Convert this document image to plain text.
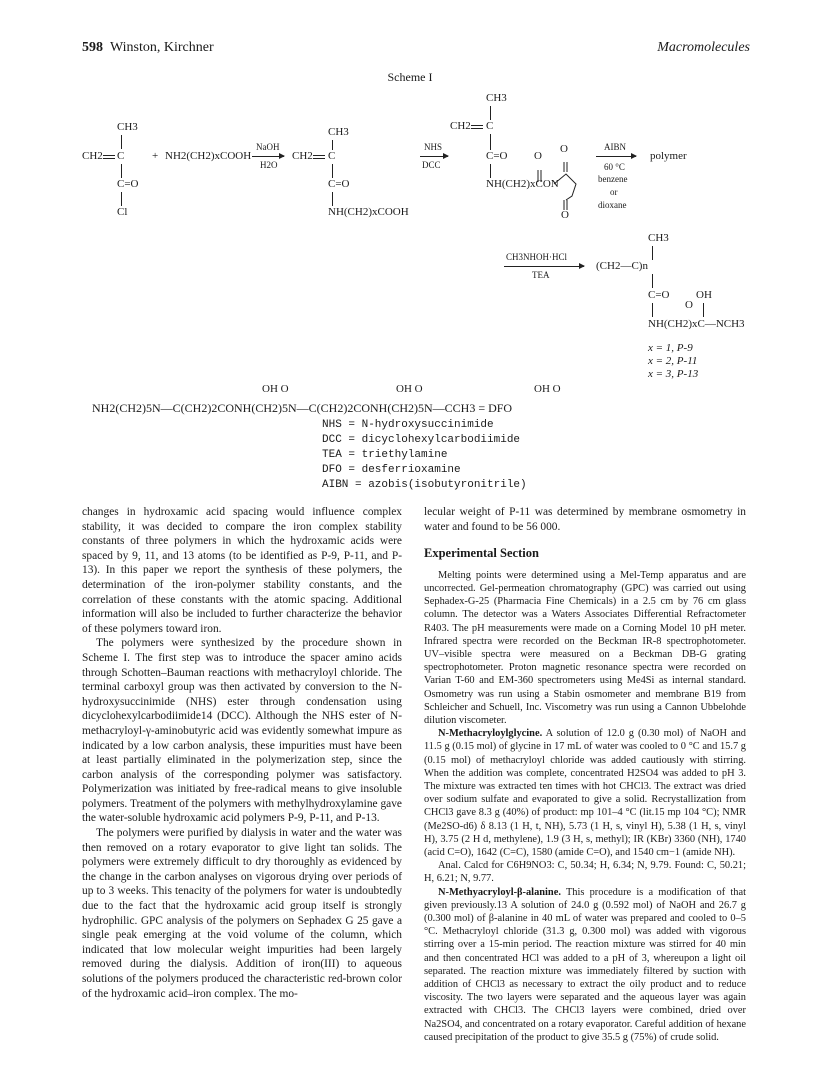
598 Winston, Kirchner	Macromolecules
Scheme I
CH3
CH2 C
C=O
Cl
+ NH2(CH2)xCOOH
NaOH
H2O
CH3
CH2 C
C=O
NH(CH2)xCOOH
NHS
DCC
CH3
CH2 C
C=O
NH(CH2)xCON
O
O
O
AIBN
polymer
60 °C
benzene
or
dioxane
CH3NHOH·HCl
TEA
CH3
(CH2—C)n
C=O OH
O
NH(CH2)xC—NCH3
x = 1, P-9
x = 2, P-11
x = 3, P-13
OH O	OH O	OH O
NH2(CH2)5N—C(CH2)2CONH(CH2)5N—C(CH2)2CONH(CH2)5N—CCH3 = DFO
NHS = N-hydroxysuccinimide
DCC = dicyclohexylcarbodiimide
TEA = triethylamine
DFO = desferrioxamine
AIBN = azobis(isobutyronitrile)

changes in hydroxamic acid spacing would influence complex stability, it was decided to compare the iron complex stability constants of three polymers in which the hydroxamic acids were spaced by 9, 11, and 13 atoms (to be identified as P-9, P-11, and P-13). In this paper we report the synthesis of these polymers, the determination of the iron-polymer stability constants, and the correlation of these constants with the atomic spacing. Additional information will also be included to further characterize the behavior of these polymers toward iron.

The polymers were synthesized by the procedure shown in Scheme I. The first step was to introduce the spacer amino acids through Schotten–Bauman reactions with methacryloyl chloride. The terminal carboxyl group was then activated by conversion to the N-hydroxysuccinimide (NHS) ester through condensation using dicyclohexylcarbodiimide14 (DCC). Although the NHS ester of N-methacryloyl-γ-aminobutyric acid was evidently somewhat impure as indicated by a low carbon analysis, these impurities must have been at least partially eliminated in the polymerization step, since the carbon analysis of the corresponding polymer was satisfactory. Polymerization was initiated by free-radical means to give insoluble polymers. Treatment of the polymers with methylhydroxylamine gave the water-soluble hydroxamic acid polymers P-9, P-11, and P-13.

The polymers were purified by dialysis in water and the water was then removed on a rotary evaporator to give light tan solids. The polymers were extremely difficult to dry thoroughly as evidenced by the change in the carbon analyses on vigorous drying over periods of up to 3 weeks. This tenacity of the polymers for water is undoubtedly due to the fact that the hydroxamic acid group itself is strongly hydrophilic. GPC analysis of the polymers on Sephadex G 25 gave a single peak emerging at the void volume of the column, which indicated that low molecular weight impurities had been largely removed during the dialysis. Addition of iron(III) to aqueous solutions of the polymers produced the characteristic red-brown color of the hydroxamic acid–iron complex. The mo-

lecular weight of P-11 was determined by membrane osmometry in water and found to be 56 000.

Experimental Section

Melting points were determined using a Mel-Temp apparatus and are uncorrected. Gel-permeation chromatography (GPC) was carried out using Sephadex-G-25 (Pharmacia Fine Chemicals) in a 2.5 cm by 76 cm glass column. The detector was a Waters Associates Differential Refractometer R403. The pH measurements were made on a Corning Model 10 pH meter. Infrared spectra were recorded on the Beckman IR-8 spectrophotometer. UV–visible spectra were measured on a Beckman DB-G grating spectrophotometer. Proton magnetic resonance spectra were recorded on Varian T-60 and EM-360 spectrometers using Me4Si as internal standard. Osmometry was run using a Stabin osmometer and membrane B19 from Schleicher and Schuell, Inc. Viscometry was run using a Cannon Ubbelohde dilution viscometer.

N-Methacryloylglycine. A solution of 12.0 g (0.30 mol) of NaOH and 11.5 g (0.15 mol) of glycine in 17 mL of water was cooled to 0 °C and 15.7 g (0.15 mol) of methacryloyl chloride was added cautiously with stirring. When the addition was complete, concentrated H2SO4 was added to pH 3. The mixture was extracted ten times with hot CHCl3. The extract was dried over sodium sulfate and evaporated to give a solid. Recrystallization from CHCl3 gave 8.3 g (40%) of product: mp 101–4 °C (lit.15 mp 104 °C); NMR (Me2SO-d6) δ 8.13 (1 H, t, NH), 5.73 (1 H, s, vinyl H), 5.38 (1 H, s, vinyl H), 3.75 (2 H d, methylene), 1.9 (3 H, s, methyl); IR (KBr) 3360 (NH), 1740 (acid C=O), 1642 (C=C), 1580 (amide C=O), and 1540 cm−1 (amide NH).

Anal. Calcd for C6H9NO3: C, 50.34; H, 6.34; N, 9.79. Found: C, 50.21; H, 6.21; N, 9.77.

N-Methyacryloyl-β-alanine. This procedure is a modification of that given previously.13 A solution of 24.0 g (0.592 mol) of NaOH and 26.7 g (0.300 mol) of β-alanine in 40 mL of water was prepared and cooled to 0–5 °C. Methacryloyl chloride (31.3 g, 0.300 mol) was added with vigorous stirring over a 15-min period. The reaction mixture was stirred for 40 min and then concentrated HCl was added to a pH of 3, whereupon a light oil separated. The reaction mixture was immediately filtered by suction with addition of CHCl3 as necessary to extract the oily product and to reduce viscosity. The two layers were separated and the aqueous layer was again extracted with CHCl3. The CHCl3 layers were combined, dried over Na2SO4, and concentrated on a rotary evaporator. Careful addition of hexane caused precipitation of the product to give 35.5 g (75%) of crude solid.
